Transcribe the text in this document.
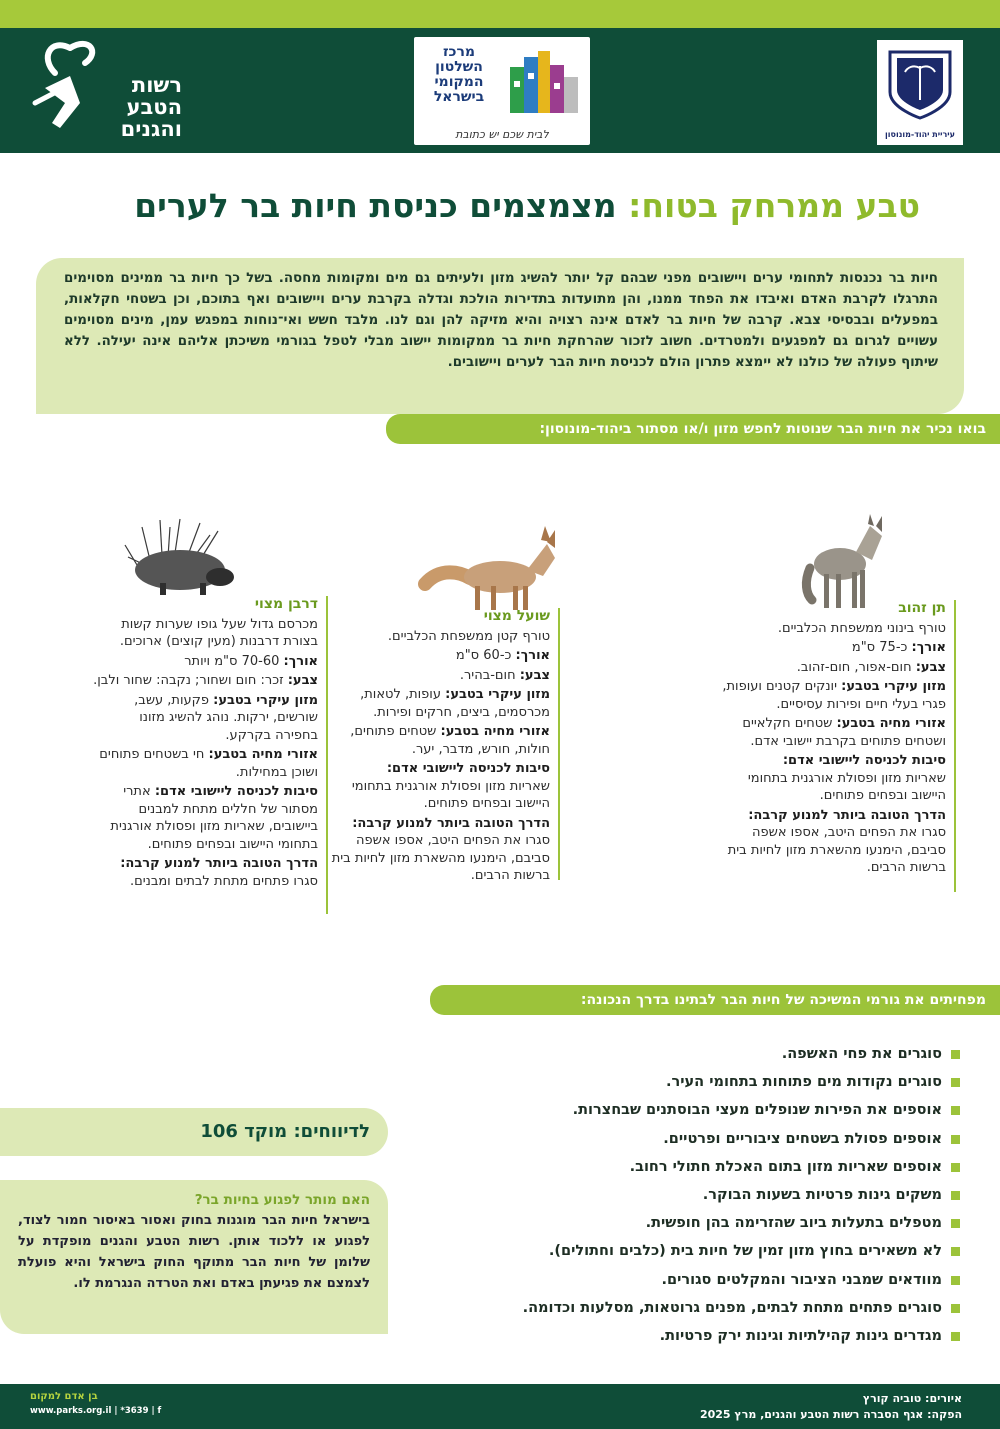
רשות הטבע והגנים
מרכז השלטון המקומי בישראל
לבית שכם יש כתובת	עיריית יהוד-מונוסון
טבע ממרחק בטוח: מצמצמים כניסת חיות בר לערים
חיות בר נכנסות לתחומי ערים ויישובים מפני שבהם קל יותר להשיג מזון ולעיתים גם מים ומקומות מחסה. בשל כך חיות בר ממינים מסוימים התרגלו לקרבת האדם ואיבדו את הפחד ממנו, והן מתועדות בתדירות הולכת וגדלה בקרבת ערים ויישובים ואף בתוכם, וכן בשטחי חקלאות, במפעלים ובבסיסי צבא. קרבה של חיות בר לאדם אינה רצויה והיא מזיקה להן וגם לנו. מלבד חשש ואי־נוחות במפגש עמן, מינים מסוימים עשויים לגרום גם למפגעים ולמטרדים. חשוב לזכור שהרחקת חיות בר ממקומות יישוב מבלי לטפל בגורמי משיכתן אליהם אינה יעילה. ללא שיתוף פעולה של כולנו לא יימצא פתרון הולם לכניסת חיות הבר לערים ויישובים.
בואו נכיר את חיות הבר שנוטות לחפש מזון ו/או מסתור ביהוד-מונוסון:

תן זהוב

טורף בינוני ממשפחת הכלביים.

אורך: כ-75 ס"מ

צבע: חום-אפור, חום-זהוב.

מזון עיקרי בטבע: יונקים קטנים ועופות, פגרי בעלי חיים ופירות עסיסיים.

אזורי מחיה בטבע: שטחים חקלאיים ושטחים פתוחים בקרבת יישובי אדם.

סיבות לכניסה ליישובי אדם:
שאריות מזון ופסולת אורגנית בתחומי היישוב ובפחים פתוחים.

הדרך הטובה ביותר למנוע קרבה:
סגרו את הפחים היטב, אספו אשפה סביבם, הימנעו מהשארת מזון לחיות בית ברשות הרבים.

שועל מצוי

טורף קטן ממשפחת הכלביים.

אורך: כ-60 ס"מ

צבע: חום-בהיר.

מזון עיקרי בטבע: עופות, לטאות, מכרסמים, ביצים, חרקים ופירות.

אזורי מחיה בטבע: שטחים פתוחים, חולות, חורש, מדבר, יער.

סיבות לכניסה ליישובי אדם:
שאריות מזון ופסולת אורגנית בתחומי היישוב ובפחים פתוחים.

הדרך הטובה ביותר למנוע קרבה:
סגרו את הפחים היטב, אספו אשפה סביבם, הימנעו מהשארת מזון לחיות בית ברשות הרבים.

דרבן מצוי

מכרסם גדול שעל גופו שערות קשות בצורת דרבנות (מעין קוצים) ארוכים.

אורך: 70-60 ס"מ ויותר

צבע: זכר: חום ושחור; נקבה: שחור ולבן.

מזון עיקרי בטבע: פקעות, עשב, שורשים, ירקות. נוהג להשיג מזונו בחפירה בקרקע.

אזורי מחיה בטבע: חי בשטחים פתוחים ושוכן במחילות.

סיבות לכניסה ליישובי אדם: אתרי מסתור של חללים מתחת למבנים ביישובים, שאריות מזון ופסולת אורגנית בתחומי היישוב ובפחים פתוחים.

הדרך הטובה ביותר למנוע קרבה:
סגרו פתחים מתחת לבתים ומבנים.

מפחיתים את גורמי המשיכה של חיות הבר לבתינו בדרך הנכונה:
סוגרים את פחי האשפה.
סוגרים נקודות מים פתוחות בתחומי העיר.
אוספים את הפירות שנופלים מעצי הבוסתנים שבחצרות.
אוספים פסולת בשטחים ציבוריים ופרטיים.
אוספים שאריות מזון בתום האכלת חתולי רחוב.
משקים גינות פרטיות בשעות הבוקר.
מטפלים בתעלות ביוב שהזרימה בהן חופשית.
לא משאירים בחוץ מזון זמין של חיות בית (כלבים וחתולים).
מוודאים שמבני הציבור והמקלטים סגורים.
סוגרים פתחים מתחת לבתים, מפנים גרוטאות, מסלעות וכדומה.
מגדרים גינות קהילתיות וגינות ירק פרטיות.
לדיווחים: מוקד 106

האם מותר לפגוע בחיות בר?

בישראל חיות הבר מוגנות בחוק ואסור באיסור חמור לצוד, לפגוע או ללכוד אותן. רשות הטבע והגנים מופקדת על שלומן של חיות הבר מתוקף החוק בישראל והיא פועלת לצמצם את פגיעתן באדם ואת הטרדה הנגרמת לו.

איורים: טוביה קורץ
הפקה: אגף הסברה רשות הטבע והגנים, מרץ 2025
בן אדם למקום
www.parks.org.il | *3639 | f
